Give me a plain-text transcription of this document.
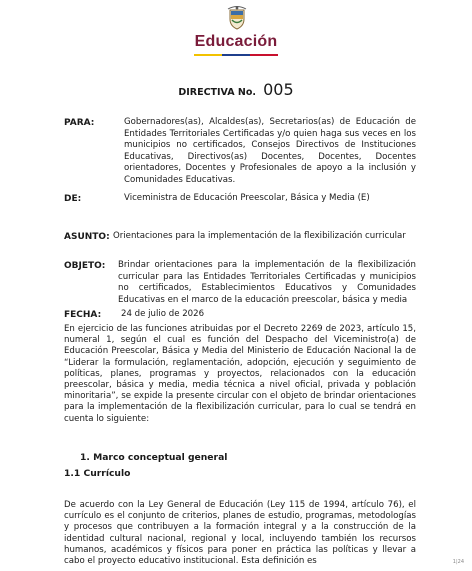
Educación
DIRECTIVA No. 005
PARA:	Gobernadores(as), Alcaldes(as), Secretarios(as) de Educación de Entidades Territoriales Certificadas y/o quien haga sus veces en los municipios no certificados, Consejos Directivos de Instituciones Educativas, Directivos(as) Docentes, Docentes, Docentes orientadores, Docentes y Profesionales de apoyo a la inclusión y Comunidades Educativas.
DE:	Viceministra de Educación Preescolar, Básica y Media (E)
ASUNTO: Orientaciones para la implementación de la flexibilización curricular
OBJETO: Brindar orientaciones para la implementación de la flexibilización curricular para las Entidades Territoriales Certificadas y municipios no certificados, Establecimientos Educativos y Comunidades Educativas en el marco de la educación preescolar, básica y media
FECHA: 24 de julio de 2026
En ejercicio de las funciones atribuidas por el Decreto 2269 de 2023, artículo 15, numeral 1, según el cual es función del Despacho del Viceministro(a) de Educación Preescolar, Básica y Media del Ministerio de Educación Nacional la de “Liderar la formulación, reglamentación, adopción, ejecución y seguimiento de políticas, planes, programas y proyectos, relacionados con la educación preescolar, básica y media, media técnica a nivel oficial, privada y población minoritaria”, se expide la presente circular con el objeto de brindar orientaciones para la implementación de la flexibilización curricular, para lo cual se tendrá en cuenta lo siguiente:
1. Marco conceptual general
1.1 Currículo
De acuerdo con la Ley General de Educación (Ley 115 de 1994, artículo 76), el currículo es el conjunto de criterios, planes de estudio, programas, metodologías y procesos que contribuyen a la formación integral y a la construcción de la identidad cultural nacional, regional y local, incluyendo también los recursos humanos, académicos y físicos para poner en práctica las políticas y llevar a cabo el proyecto educativo institucional. Esta definición es	1|24
